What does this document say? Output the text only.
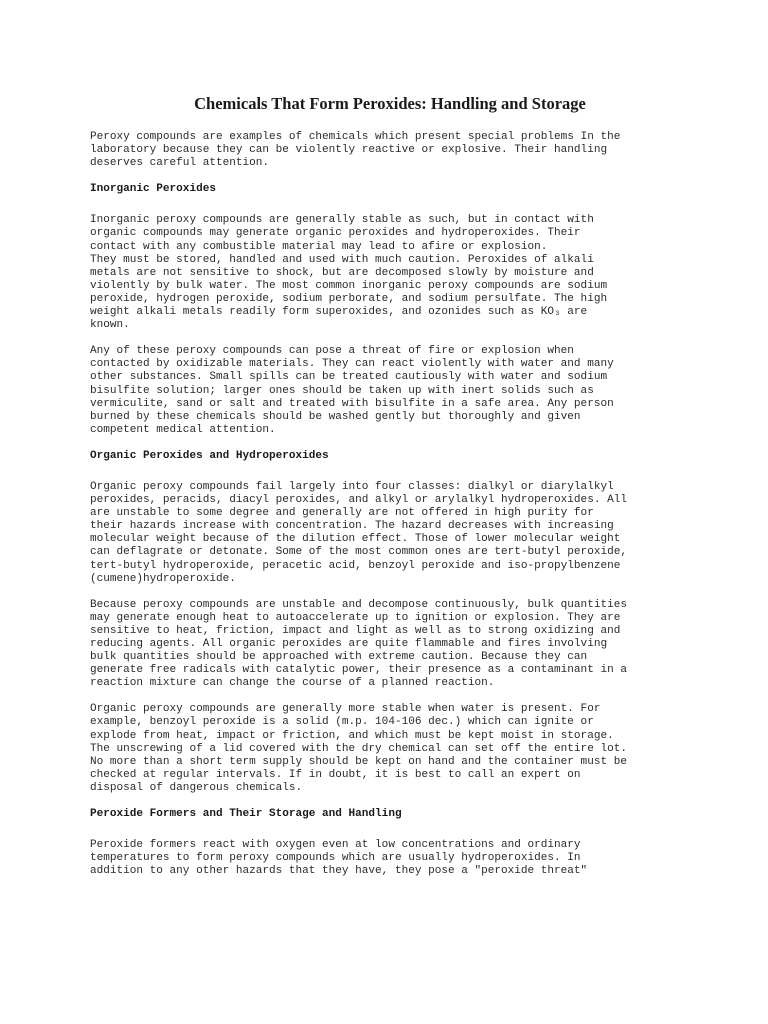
Chemicals That Form Peroxides: Handling and Storage

Peroxy compounds are examples of chemicals which present special problems In the
laboratory because they can be violently reactive or explosive. Their handling
deserves careful attention.

Inorganic Peroxides

Inorganic peroxy compounds are generally stable as such, but in contact with
organic compounds may generate organic peroxides and hydroperoxides. Their
contact with any combustible material may lead to afire or explosion.
They must be stored, handled and used with much caution. Peroxides of alkali
metals are not sensitive to shock, but are decomposed slowly by moisture and
violently by bulk water. The most common inorganic peroxy compounds are sodium
peroxide, hydrogen peroxide, sodium perborate, and sodium persulfate. The high
weight alkali metals readily form superoxides, and ozonides such as KO₃ are
known.

Any of these peroxy compounds can pose a threat of fire or explosion when
contacted by oxidizable materials. They can react violently with water and many
other substances. Small spills can be treated cautiously with water and sodium
bisulfite solution; larger ones should be taken up with inert solids such as
vermiculite, sand or salt and treated with bisulfite in a safe area. Any person
burned by these chemicals should be washed gently but thoroughly and given
competent medical attention.

Organic Peroxides and Hydroperoxides

Organic peroxy compounds fail largely into four classes: dialkyl or diarylalkyl
peroxides, peracids, diacyl peroxides, and alkyl or arylalkyl hydroperoxides. All
are unstable to some degree and generally are not offered in high purity for
their hazards increase with concentration. The hazard decreases with increasing
molecular weight because of the dilution effect. Those of lower molecular weight
can deflagrate or detonate. Some of the most common ones are tert-butyl peroxide,
tert-butyl hydroperoxide, peracetic acid, benzoyl peroxide and iso-propylbenzene
(cumene)hydroperoxide.

Because peroxy compounds are unstable and decompose continuously, bulk quantities
may generate enough heat to autoaccelerate up to ignition or explosion. They are
sensitive to heat, friction, impact and light as well as to strong oxidizing and
reducing agents. All organic peroxides are quite flammable and fires involving
bulk quantities should be approached with extreme caution. Because they can
generate free radicals with catalytic power, their presence as a contaminant in a
reaction mixture can change the course of a planned reaction.

Organic peroxy compounds are generally more stable when water is present. For
example, benzoyl peroxide is a solid (m.p. 104-106 dec.) which can ignite or
explode from heat, impact or friction, and which must be kept moist in storage.
The unscrewing of a lid covered with the dry chemical can set off the entire lot.
No more than a short term supply should be kept on hand and the container must be
checked at regular intervals. If in doubt, it is best to call an expert on
disposal of dangerous chemicals.

Peroxide Formers and Their Storage and Handling

Peroxide formers react with oxygen even at low concentrations and ordinary
temperatures to form peroxy compounds which are usually hydroperoxides. In
addition to any other hazards that they have, they pose a "peroxide threat"
